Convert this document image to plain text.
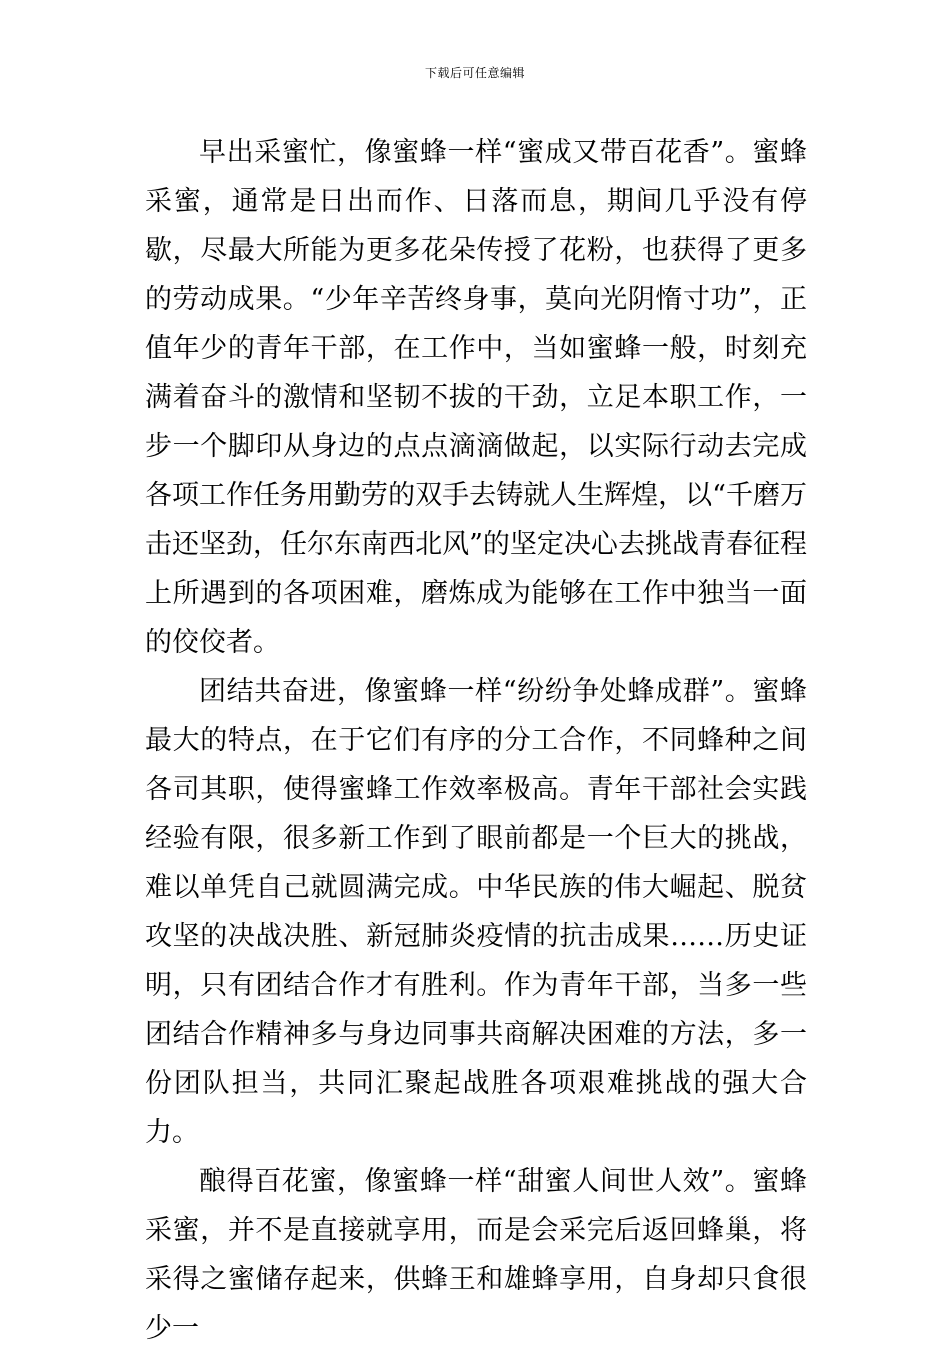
下载后可任意编辑

早出采蜜忙，像蜜蜂一样“蜜成又带百花香”。蜜蜂采蜜，通常是日出而作、日落而息，期间几乎没有停歇，尽最大所能为更多花朵传授了花粉，也获得了更多的劳动成果。“少年辛苦终身事，莫向光阴惰寸功”，正值年少的青年干部，在工作中，当如蜜蜂一般，时刻充满着奋斗的激情和坚韧不拔的干劲，立足本职工作，一步一个脚印从身边的点点滴滴做起，以实际行动去完成各项工作任务用勤劳的双手去铸就人生辉煌，以“千磨万击还坚劲，任尔东南西北风”的坚定决心去挑战青春征程上所遇到的各项困难，磨炼成为能够在工作中独当一面的佼佼者。

团结共奋进，像蜜蜂一样“纷纷争处蜂成群”。蜜蜂最大的特点，在于它们有序的分工合作，不同蜂种之间各司其职，使得蜜蜂工作效率极高。青年干部社会实践经验有限，很多新工作到了眼前都是一个巨大的挑战，难以单凭自己就圆满完成。中华民族的伟大崛起、脱贫攻坚的决战决胜、新冠肺炎疫情的抗击成果……历史证明，只有团结合作才有胜利。作为青年干部，当多一些团结合作精神多与身边同事共商解决困难的方法，多一份团队担当，共同汇聚起战胜各项艰难挑战的强大合力。

酿得百花蜜，像蜜蜂一样“甜蜜人间世人效”。蜜蜂采蜜，并不是直接就享用，而是会采完后返回蜂巢，将采得之蜜储存起来，供蜂王和雄蜂享用，自身却只食很少一
